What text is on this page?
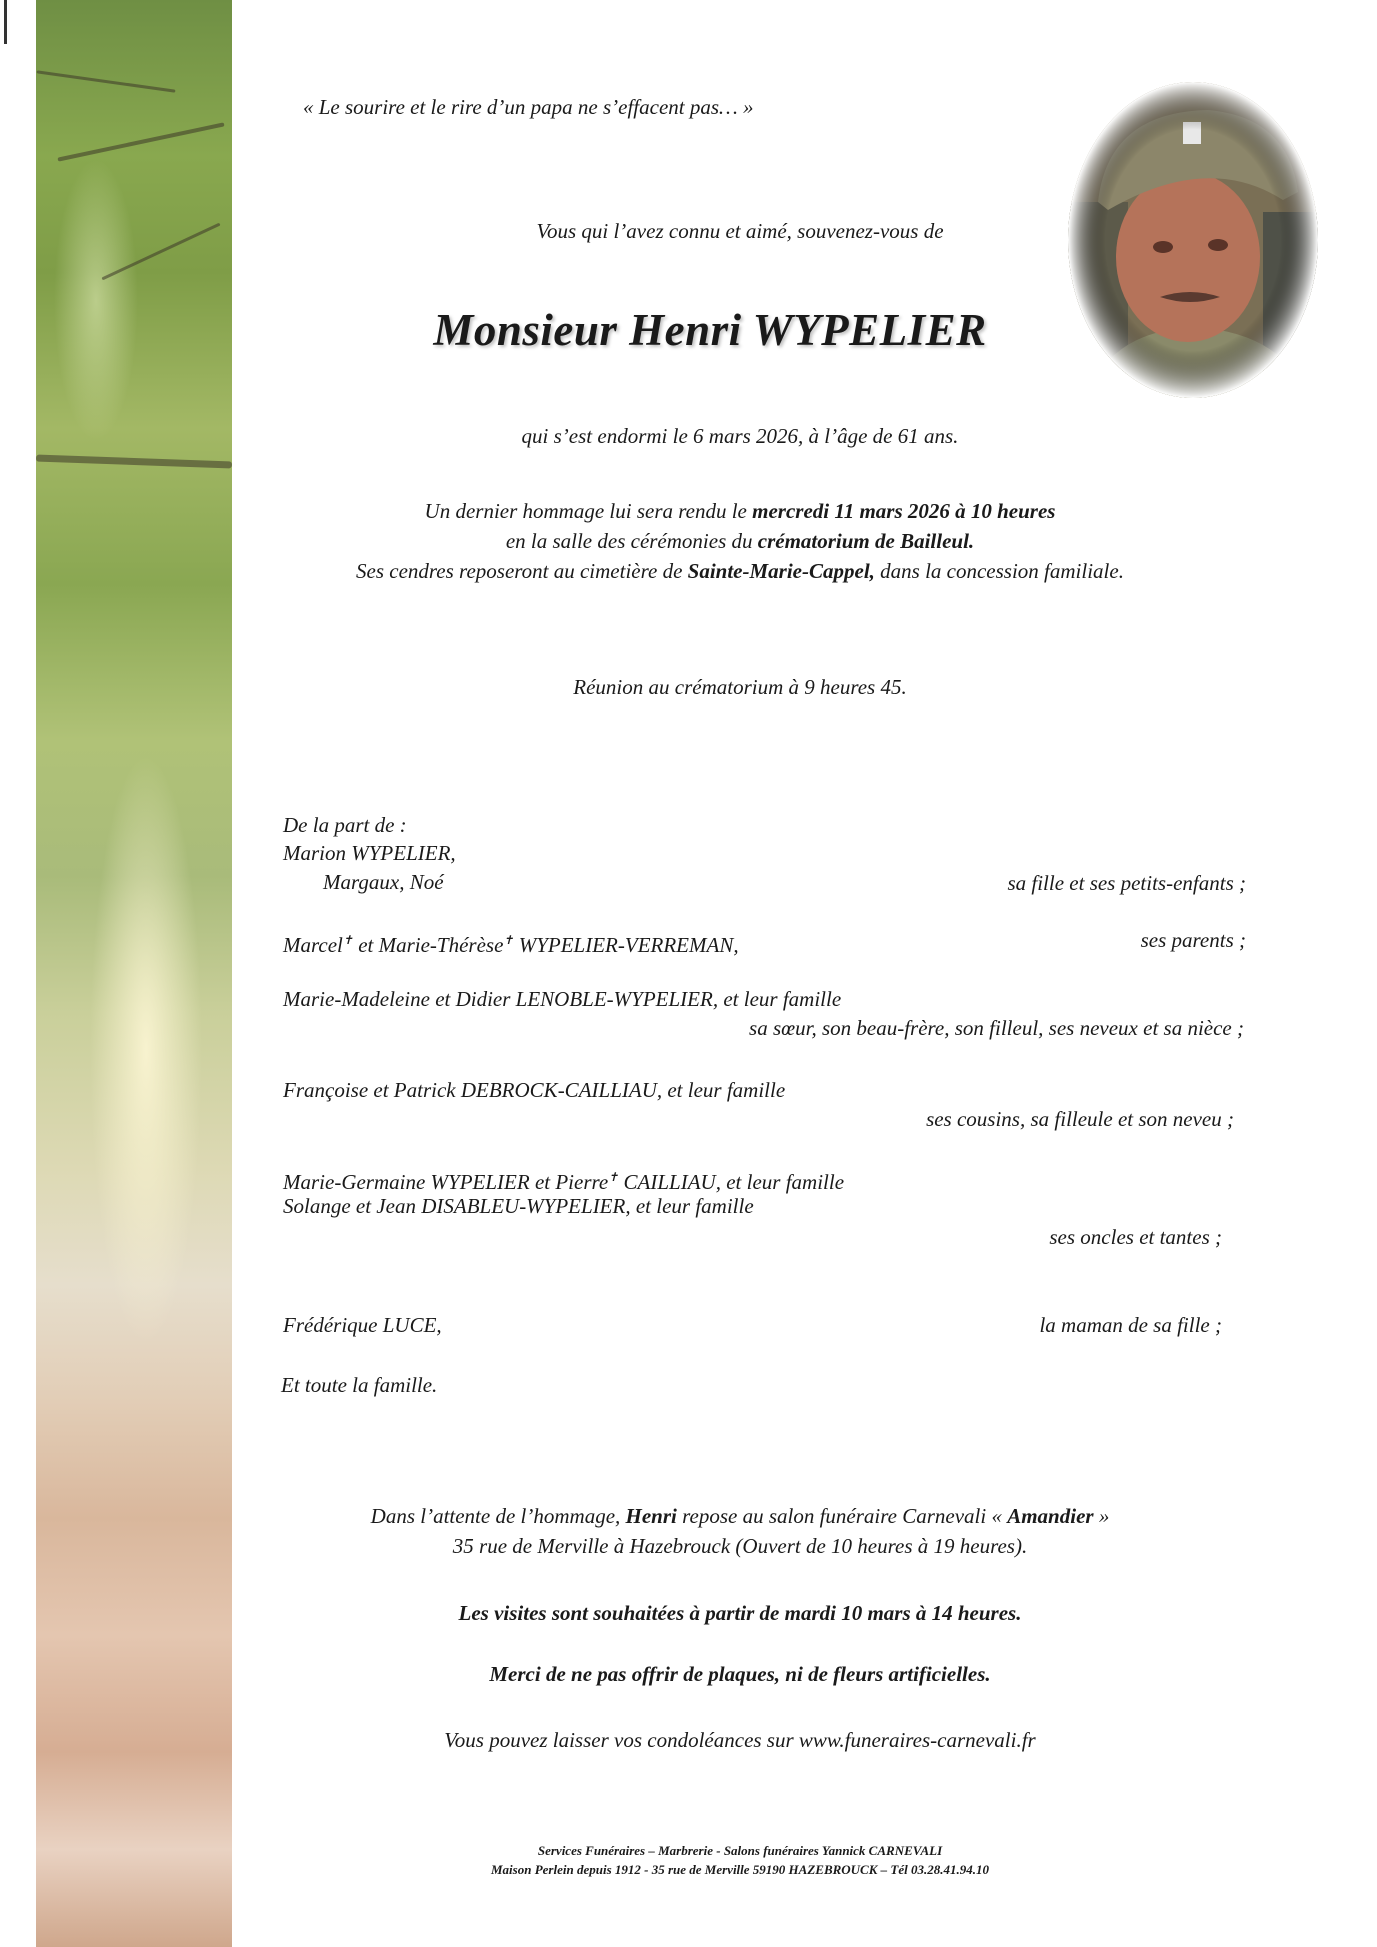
« Le sourire et le rire d’un papa ne s’effacent pas… »
Vous qui l’avez connu et aimé, souvenez-vous de
Monsieur Henri WYPELIER
qui s’est endormi le 6 mars 2026, à l’âge de 61 ans.
Un dernier hommage lui sera rendu le mercredi 11 mars 2026 à 10 heures
en la salle des cérémonies du crématorium de Bailleul.
Ses cendres reposeront au cimetière de Sainte-Marie-Cappel, dans la concession familiale.
Réunion au crématorium à 9 heures 45.
De la part de :
Marion WYPELIER,
Margaux, Noé	sa fille et ses petits-enfants ;
Marcel✝ et Marie-Thérèse✝ WYPELIER-VERREMAN,	ses parents ;
Marie-Madeleine et Didier LENOBLE-WYPELIER, et leur famille
sa sœur, son beau-frère, son filleul, ses neveux et sa nièce ;
Françoise et Patrick DEBROCK-CAILLIAU, et leur famille
ses cousins, sa filleule et son neveu ;
Marie-Germaine WYPELIER et Pierre✝ CAILLIAU, et leur famille
Solange et Jean DISABLEU-WYPELIER, et leur famille
ses oncles et tantes ;
Frédérique LUCE,	la maman de sa fille ;
Et toute la famille.
Dans l’attente de l’hommage, Henri repose au salon funéraire Carnevali « Amandier »
35 rue de Merville à Hazebrouck (Ouvert de 10 heures à 19 heures).
Les visites sont souhaitées à partir de mardi 10 mars à 14 heures.
Merci de ne pas offrir de plaques, ni de fleurs artificielles.
Vous pouvez laisser vos condoléances sur www.funeraires-carnevali.fr
Services Funéraires – Marbrerie - Salons funéraires Yannick CARNEVALI
Maison Perlein depuis 1912 - 35 rue de Merville 59190 HAZEBROUCK – Tél 03.28.41.94.10
